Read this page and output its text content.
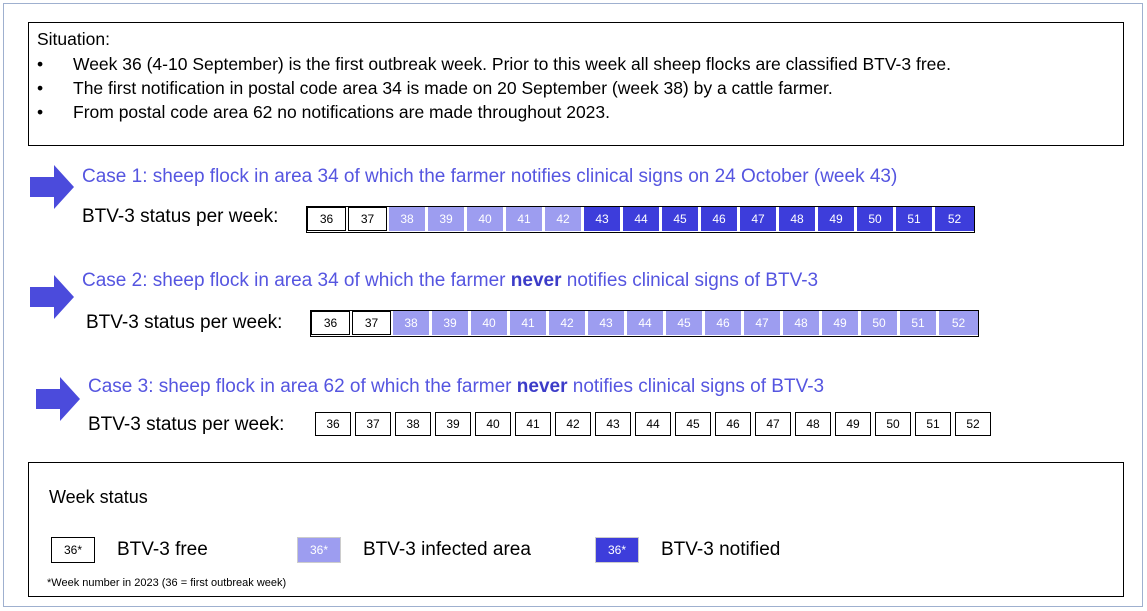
Situation:
• Week 36 (4-10 September) is the first outbreak week. Prior to this week all sheep flocks are classified BTV-3 free.
• The first notification in postal code area 34 is made on 20 September (week 38) by a cattle farmer.
• From postal code area 62 no notifications are made throughout 2023.
Case 1: sheep flock in area 34 of which the farmer notifies clinical signs on 24 October (week 43)
BTV-3 status per week:	36	37	38	39	40	41	42	43	44	45	46	47	48	49	50	51	52
Case 2: sheep flock in area 34 of which the farmer never notifies clinical signs of BTV-3
BTV-3 status per week:	36	37	38	39	40	41	42	43	44	45	46	47	48	49	50	51	52
Case 3: sheep flock in area 62 of which the farmer never notifies clinical signs of BTV-3
BTV-3 status per week:	36	37	38	39	40	41	42	43	44	45	46	47	48	49	50	51	52
Week status
36*	BTV-3 free	36*	BTV-3 infected area	36*	BTV-3 notified
*Week number in 2023 (36 = first outbreak week)
